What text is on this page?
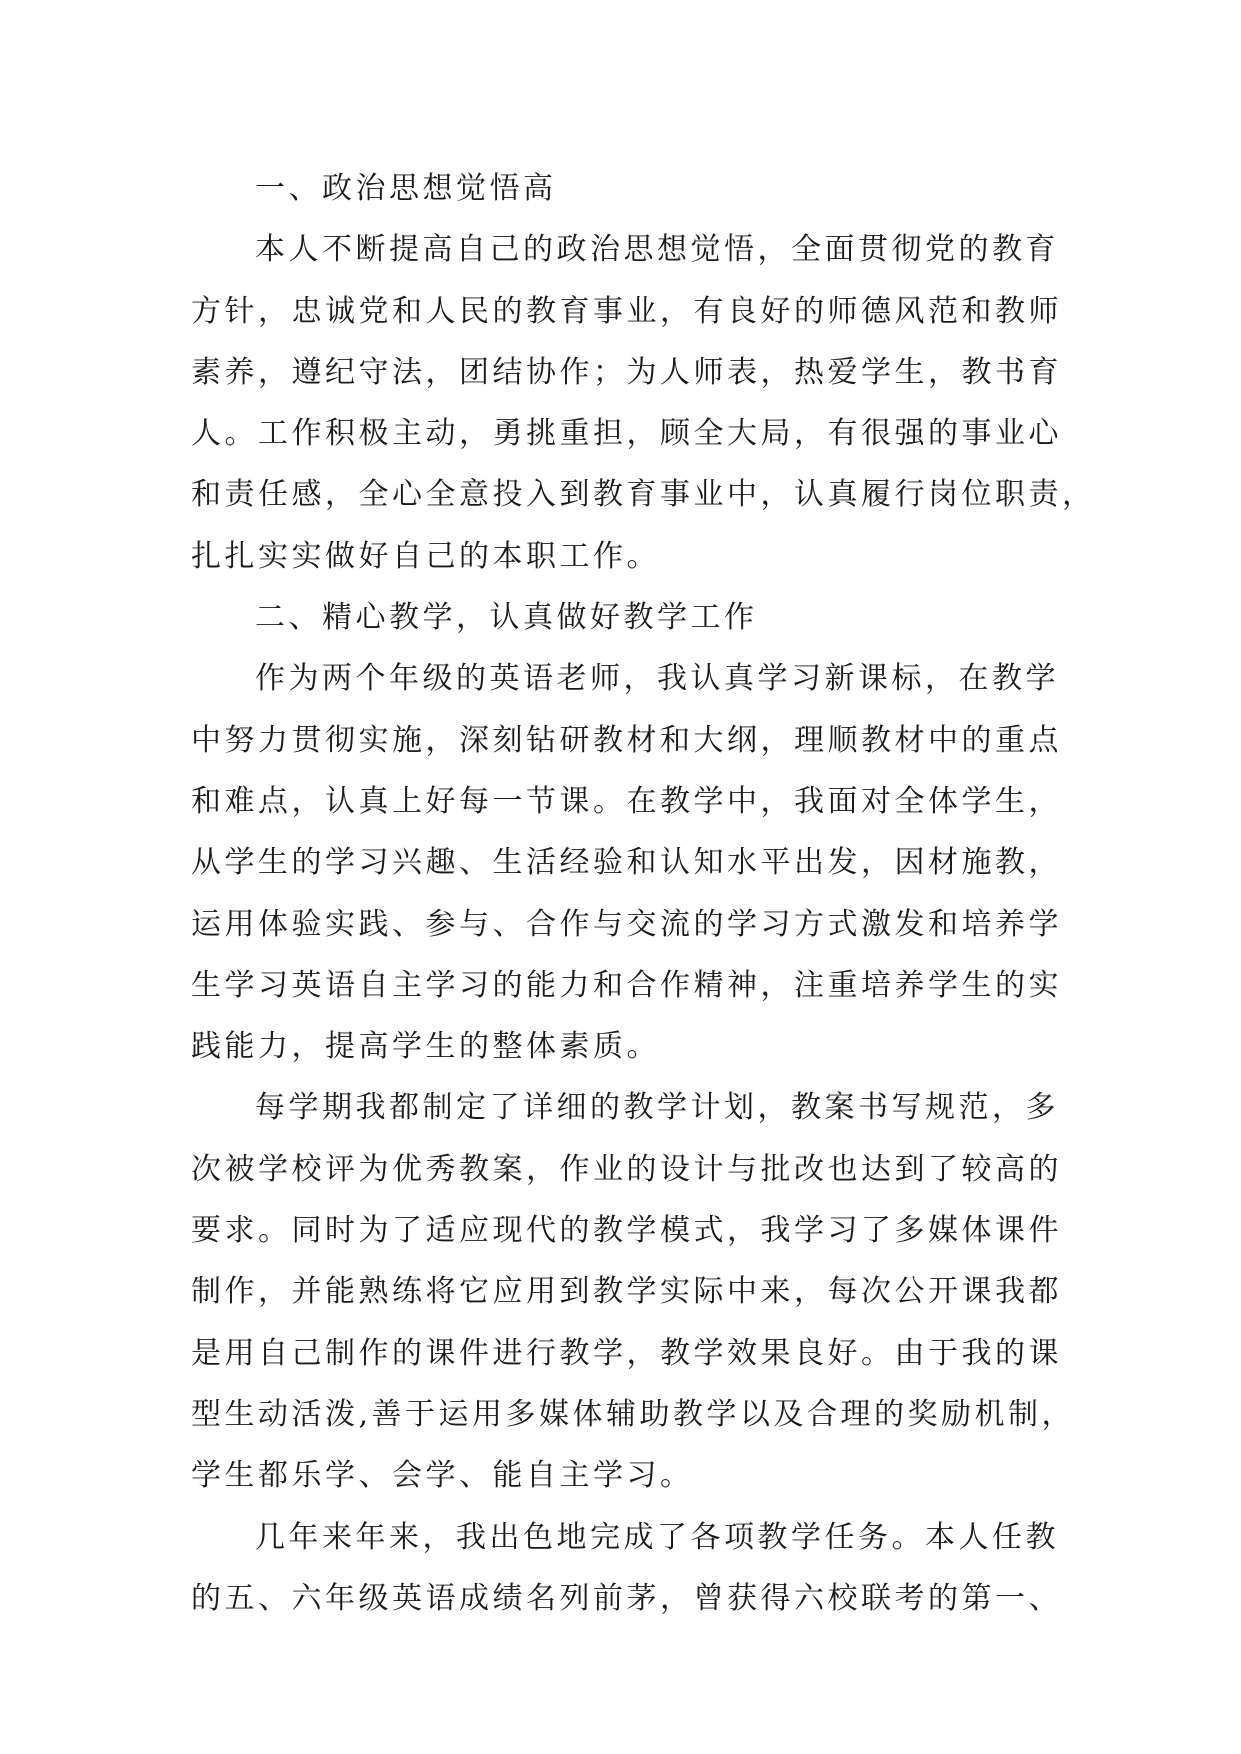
一、政治思想觉悟高
本人不断提高自己的政治思想觉悟，全面贯彻党的教育
方针，忠诚党和人民的教育事业，有良好的师德风范和教师
素养，遵纪守法，团结协作；为人师表，热爱学生，教书育
人。工作积极主动，勇挑重担，顾全大局，有很强的事业心
和责任感，全心全意投入到教育事业中，认真履行岗位职责，
扎扎实实做好自己的本职工作。
二、精心教学，认真做好教学工作
作为两个年级的英语老师，我认真学习新课标，在教学
中努力贯彻实施，深刻钻研教材和大纲，理顺教材中的重点
和难点，认真上好每一节课。在教学中，我面对全体学生，
从学生的学习兴趣、生活经验和认知水平出发，因材施教，
运用体验实践、参与、合作与交流的学习方式激发和培养学
生学习英语自主学习的能力和合作精神，注重培养学生的实
践能力，提高学生的整体素质。
每学期我都制定了详细的教学计划，教案书写规范，多
次被学校评为优秀教案，作业的设计与批改也达到了较高的
要求。同时为了适应现代的教学模式，我学习了多媒体课件
制作，并能熟练将它应用到教学实际中来，每次公开课我都
是用自己制作的课件进行教学，教学效果良好。由于我的课
型生动活泼,善于运用多媒体辅助教学以及合理的奖励机制，
学生都乐学、会学、能自主学习。
几年来年来，我出色地完成了各项教学任务。本人任教
的五、六年级英语成绩名列前茅，曾获得六校联考的第一、
